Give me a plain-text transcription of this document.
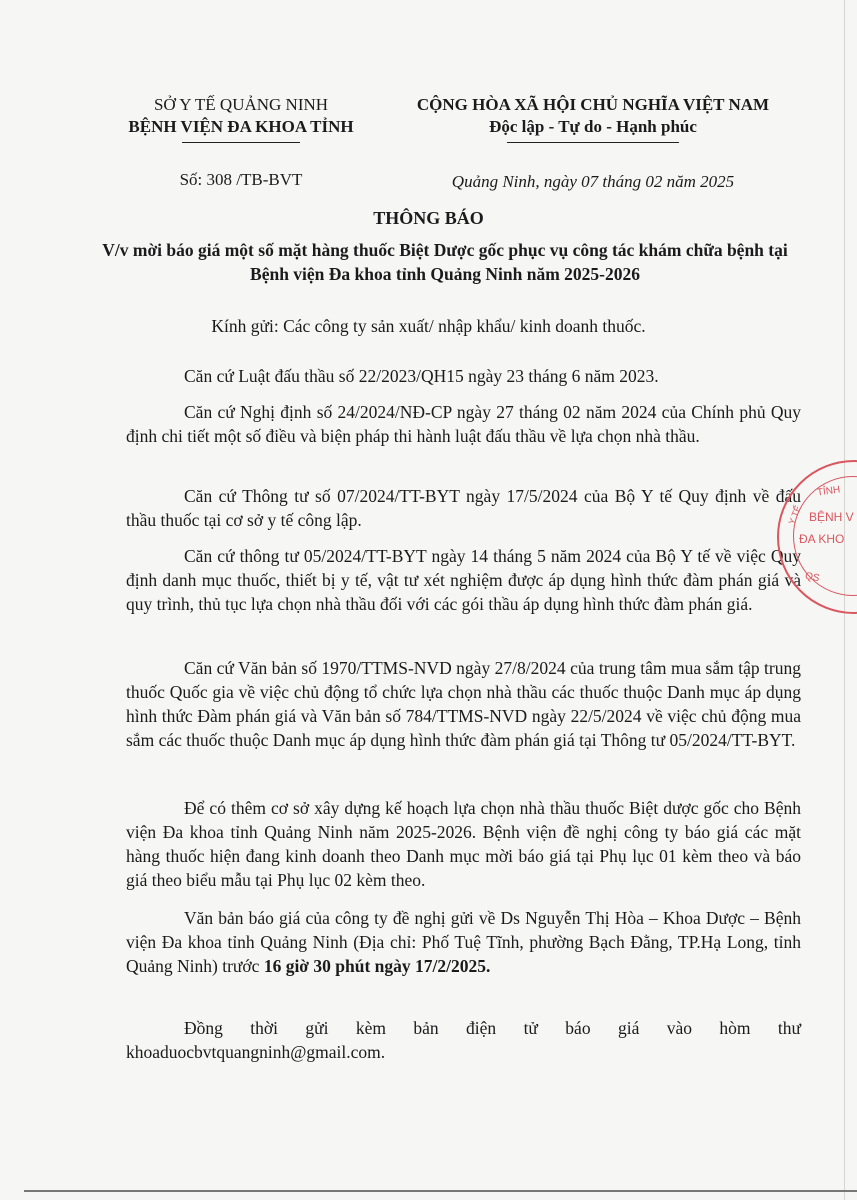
SỞ Y TẾ QUẢNG NINH
BỆNH VIỆN ĐA KHOA TỈNH
CỘNG HÒA XÃ HỘI CHỦ NGHĨA VIỆT NAM
Độc lập - Tự do - Hạnh phúc
Số: 308 /TB-BVT	Quảng Ninh, ngày 07 tháng 02 năm 2025
THÔNG BÁO
V/v mời báo giá một số mặt hàng thuốc Biệt Dược gốc phục vụ công tác khám chữa bệnh tại Bệnh viện Đa khoa tỉnh Quảng Ninh năm 2025-2026
Kính gửi: Các công ty sản xuất/ nhập khẩu/ kinh doanh thuốc.
Căn cứ Luật đấu thầu số 22/2023/QH15 ngày 23 tháng 6 năm 2023.
Căn cứ Nghị định số 24/2024/NĐ-CP ngày 27 tháng 02 năm 2024 của Chính phủ Quy định chi tiết một số điều và biện pháp thi hành luật đấu thầu về lựa chọn nhà thầu.
Căn cứ Thông tư số 07/2024/TT-BYT ngày 17/5/2024 của Bộ Y tế Quy định về đấu thầu thuốc tại cơ sở y tế công lập.
Căn cứ thông tư 05/2024/TT-BYT ngày 14 tháng 5 năm 2024 của Bộ Y tế về việc Quy định danh mục thuốc, thiết bị y tế, vật tư xét nghiệm được áp dụng hình thức đàm phán giá và quy trình, thủ tục lựa chọn nhà thầu đối với các gói thầu áp dụng hình thức đàm phán giá.
Căn cứ Văn bản số 1970/TTMS-NVD ngày 27/8/2024 của trung tâm mua sắm tập trung thuốc Quốc gia về việc chủ động tổ chức lựa chọn nhà thầu các thuốc thuộc Danh mục áp dụng hình thức Đàm phán giá và Văn bản số 784/TTMS-NVD ngày 22/5/2024 về việc chủ động mua sắm các thuốc thuộc Danh mục áp dụng hình thức đàm phán giá tại Thông tư 05/2024/TT-BYT.
Để có thêm cơ sở xây dựng kế hoạch lựa chọn nhà thầu thuốc Biệt dược gốc cho Bệnh viện Đa khoa tỉnh Quảng Ninh năm 2025-2026. Bệnh viện đề nghị công ty báo giá các mặt hàng thuốc hiện đang kinh doanh theo Danh mục mời báo giá tại Phụ lục 01 kèm theo và báo giá theo biểu mẫu tại Phụ lục 02 kèm theo.
Văn bản báo giá của công ty đề nghị gửi về Ds Nguyễn Thị Hòa – Khoa Dược – Bệnh viện Đa khoa tỉnh Quảng Ninh (Địa chỉ: Phố Tuệ Tĩnh, phường Bạch Đằng, TP.Hạ Long, tỉnh Quảng Ninh) trước 16 giờ 30 phút ngày 17/2/2025.
Đồng thời gửi kèm bản điện tử báo giá vào hòm thư khoaduocbvtquangninh@gmail.com.
TỈNH
BỆNH V
ĐA KHO
QS
Y TẾ
